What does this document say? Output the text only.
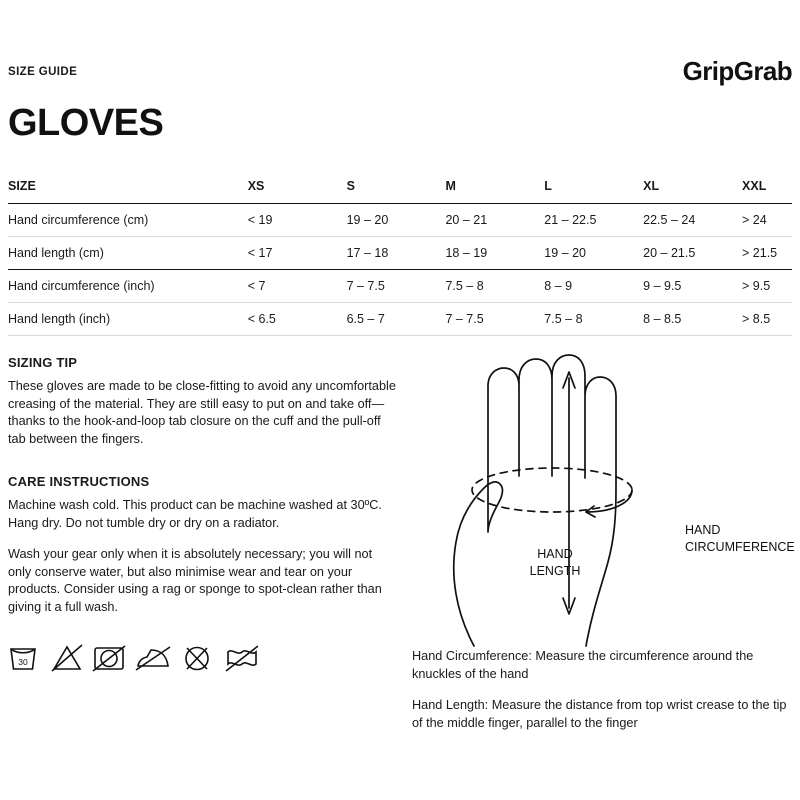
SIZE GUIDE	GripGrab
GLOVES
SIZE	XS	S	M	L	XL	XXL
Hand circumference (cm)	< 19	19 – 20	20 – 21	21 – 22.5	22.5 – 24	> 24
Hand length (cm)	< 17	17 – 18	18 – 19	19 – 20	20 – 21.5	> 21.5
Hand circumference (inch)	< 7	7 – 7.5	7.5 – 8	8 – 9	9 – 9.5	> 9.5
Hand length (inch)	< 6.5	6.5 – 7	7 – 7.5	7.5 – 8	8 – 8.5	> 8.5
SIZING TIP

These gloves are made to be close-fitting to avoid any uncomfortable creasing of the material. They are still easy to put on and take off—thanks to the hook-and-loop tab closure on the cuff and the pull-off tab between the fingers.

CARE INSTRUCTIONS

Machine wash cold. This product can be machine washed at 30ºC. Hang dry. Do not tumble dry or dry on a radiator.

Wash your gear only when it is absolutely necessary; you will not only conserve water, but also minimise wear and tear on your products. Consider using a rag or sponge to spot-clean rather than giving it a full wash.

30
HAND
CIRCUMFERENCE
HAND
LENGTH

Hand Circumference: Measure the circumference around the knuckles of the hand

Hand Length: Measure the distance from top wrist crease to the tip of the middle finger, parallel to the finger
